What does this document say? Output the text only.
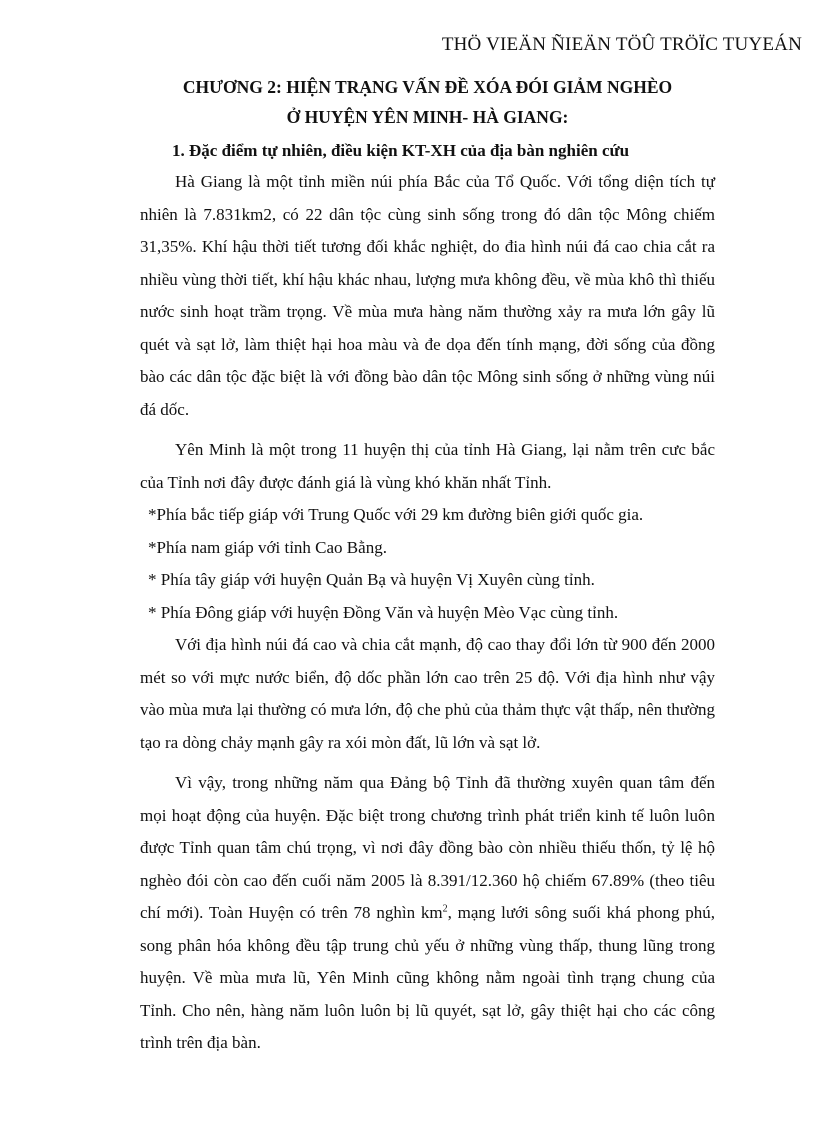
THÖ VIEÄN ÑIEÄN TÖÛ TRÖÏC TUYEÁN
CHƯƠNG 2: HIỆN TRẠNG VẤN ĐỀ XÓA ĐÓI GIẢM NGHÈO
Ở HUYỆN YÊN MINH- HÀ GIANG:
1. Đặc điểm tự nhiên, điều kiện KT-XH của địa bàn nghiên cứu

Hà Giang là một tỉnh miền núi phía Bắc của Tổ Quốc. Với tổng diện tích tự nhiên là 7.831km2, có 22 dân tộc cùng sinh sống trong đó dân tộc Mông chiếm 31,35%. Khí hậu thời tiết tương đối khắc nghiệt, do đia hình núi đá cao chia cắt ra nhiều vùng thời tiết, khí hậu khác nhau, lượng mưa không đều, về mùa khô thì thiếu nước sinh hoạt trầm trọng. Về mùa mưa hàng năm thường xảy ra mưa lớn gây lũ quét và sạt lở, làm thiệt hại hoa màu và đe dọa đến tính mạng, đời sống của đồng bào các dân tộc đặc biệt là với đồng bào dân tộc Mông sinh sống ở những vùng núi đá dốc.

Yên Minh là một trong 11 huyện thị của tỉnh Hà Giang, lại nằm trên cưc bắc của Tỉnh nơi đây được đánh giá là vùng khó khăn nhất Tỉnh.

*Phía bắc tiếp giáp với Trung Quốc với 29 km đường biên giới quốc gia.

*Phía nam giáp với tỉnh Cao Bằng.

* Phía tây giáp với huyện Quản Bạ và huyện Vị Xuyên cùng tỉnh.

* Phía Đông giáp với huyện Đồng Văn và huyện Mèo Vạc cùng tỉnh.

Với địa hình núi đá cao và chia cắt mạnh, độ cao thay đổi lớn từ 900 đến 2000 mét so với mực nước biển, độ dốc phần lớn cao trên 25 độ. Với địa hình như vậy vào mùa mưa lại thường có mưa lớn, độ che phủ của thảm thực vật thấp, nên thường tạo ra dòng chảy mạnh gây ra xói mòn đất, lũ lớn và sạt lở.

Vì vậy, trong những năm qua Đảng bộ Tỉnh đã thường xuyên quan tâm đến mọi hoạt động của huyện. Đặc biệt trong chương trình phát triển kinh tế luôn luôn được Tỉnh quan tâm chú trọng, vì nơi đây đồng bào còn nhiều thiếu thốn, tỷ lệ hộ nghèo đói còn cao đến cuối năm 2005 là 8.391/12.360 hộ chiếm 67.89% (theo tiêu chí mới). Toàn Huyện có trên 78 nghìn $km^2$, mạng lưới sông suối khá phong phú, song phân hóa không đều tập trung chủ yếu ở những vùng thấp, thung lũng trong huyện. Về mùa mưa lũ, Yên Minh cũng không nằm ngoài tình trạng chung của Tỉnh. Cho nên, hàng năm luôn luôn bị lũ quyét, sạt lở, gây thiệt hại cho các công trình trên địa bàn.
